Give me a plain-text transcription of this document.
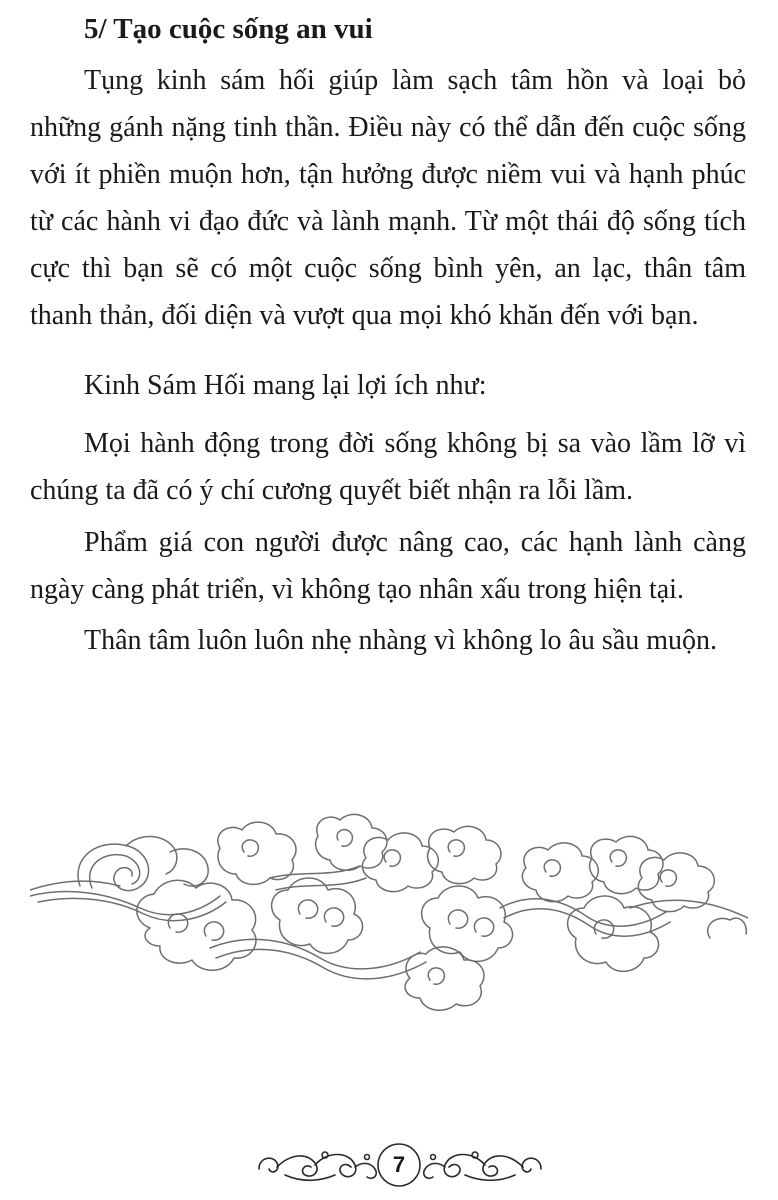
5/ Tạo cuộc sống an vui

Tụng kinh sám hối giúp làm sạch tâm hồn và loại bỏ những gánh nặng tinh thần. Điều này có thể dẫn đến cuộc sống với ít phiền muộn hơn, tận hưởng được niềm vui và hạnh phúc từ các hành vi đạo đức và lành mạnh. Từ một thái độ sống tích cực thì bạn sẽ có một cuộc sống bình yên, an lạc, thân tâm thanh thản, đối diện và vượt qua mọi khó khăn đến với bạn.

Kinh Sám Hối mang lại lợi ích như:

Mọi hành động trong đời sống không bị sa vào lầm lỡ vì chúng ta đã có ý chí cương quyết biết nhận ra lỗi lầm.

Phẩm giá con người được nâng cao, các hạnh lành càng ngày càng phát triển, vì không tạo nhân xấu trong hiện tại.

Thân tâm luôn luôn nhẹ nhàng vì không lo âu sầu muộn.

7
